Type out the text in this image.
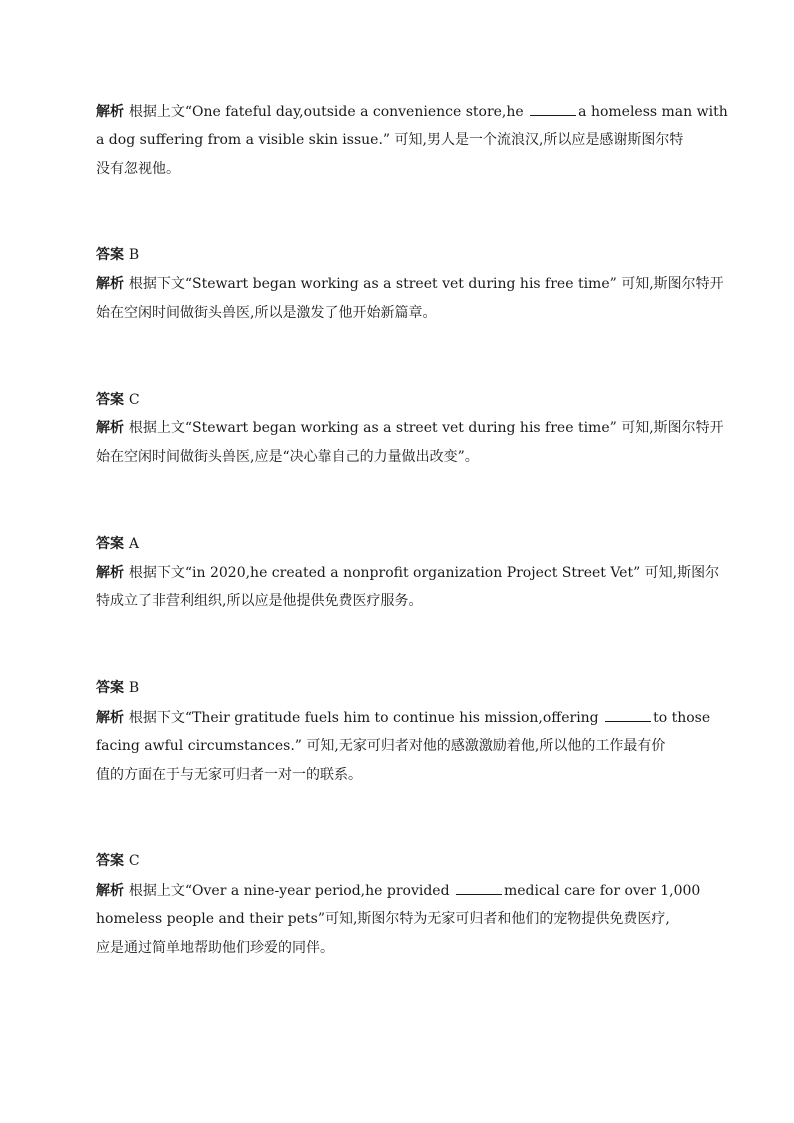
解析 根据上文“One fateful day,outside a convenience store,he	a homeless man with
a dog suffering from a visible skin issue.” 可知,男人是一个流浪汉,所以应是感谢斯图尔特
没有忽视他。
答案 B
解析 根据下文“Stewart began working as a street vet during his free time” 可知,斯图尔特开
始在空闲时间做街头兽医,所以是激发了他开始新篇章。
答案 C
解析 根据上文“Stewart began working as a street vet during his free time” 可知,斯图尔特开
始在空闲时间做街头兽医,应是“决心靠自己的力量做出改变”。
答案 A
解析 根据下文“in 2020,he created a nonprofit organization Project Street Vet” 可知,斯图尔
特成立了非营利组织,所以应是他提供免费医疗服务。
答案 B
解析 根据下文“Their gratitude fuels him to continue his mission,offering	to those
facing awful circumstances.” 可知,无家可归者对他的感激激励着他,所以他的工作最有价
值的方面在于与无家可归者一对一的联系。
答案 C
解析 根据上文“Over a nine-year period,he provided	medical care for over 1,000
homeless people and their pets”可知,斯图尔特为无家可归者和他们的宠物提供免费医疗,
应是通过简单地帮助他们珍爱的同伴。
